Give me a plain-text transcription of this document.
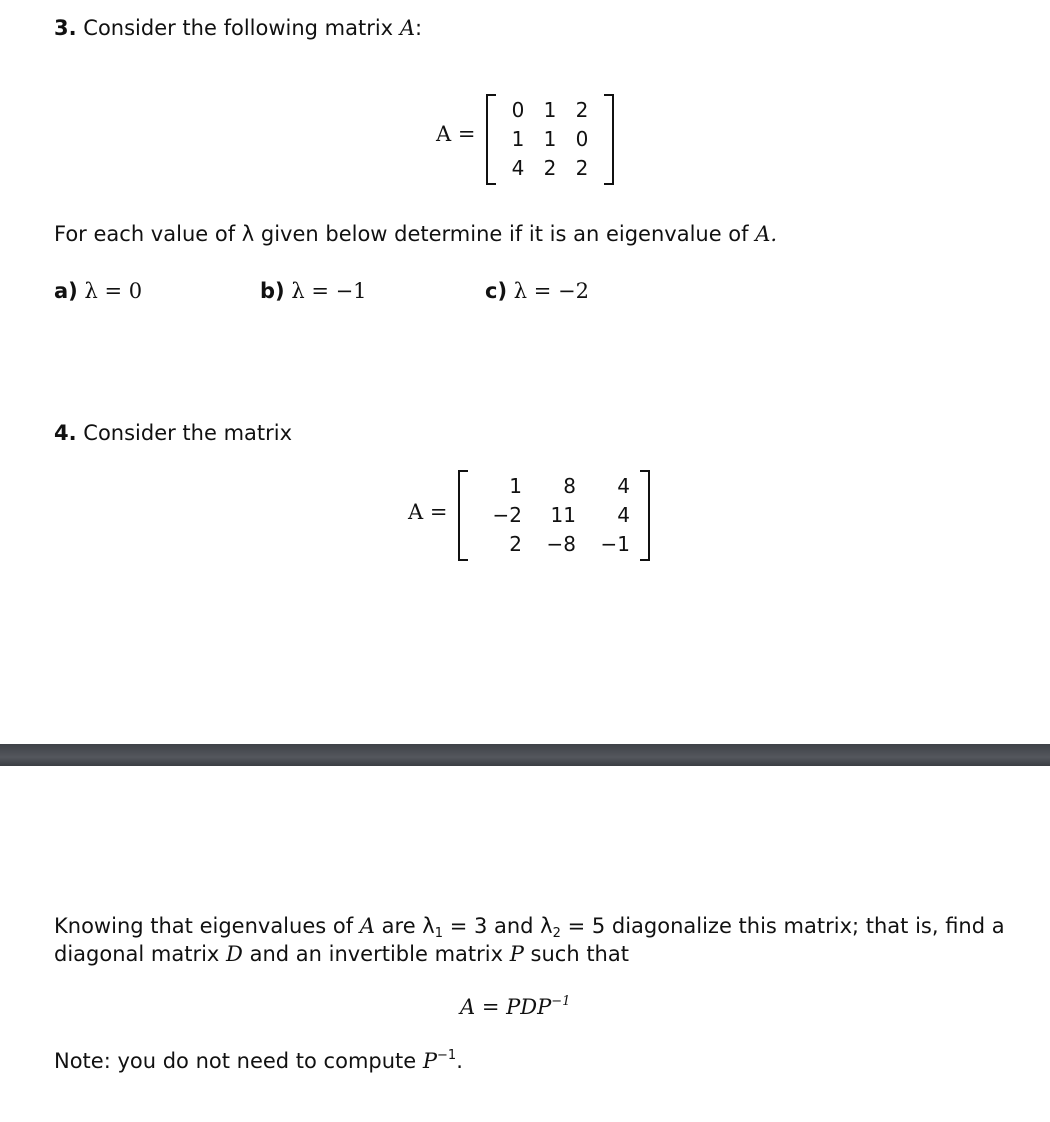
3. Consider the following matrix A:
A =
0 1 2
1 1 0
4 2 2
For each value of λ given below determine if it is an eigenvalue of A.
a) λ = 0	b) λ = −1	c) λ = −2
4. Consider the matrix
A =
1	8	4
−2	11	4
2	−8	−1
Knowing that eigenvalues of A are $\lambda_1 = 3$ and $\lambda_2 = 5$ diagonalize this matrix; that is, find a
diagonal matrix D and an invertible matrix P such that
$A = PDP^{-1}$
Note: you do not need to compute $P^{-1}$.
